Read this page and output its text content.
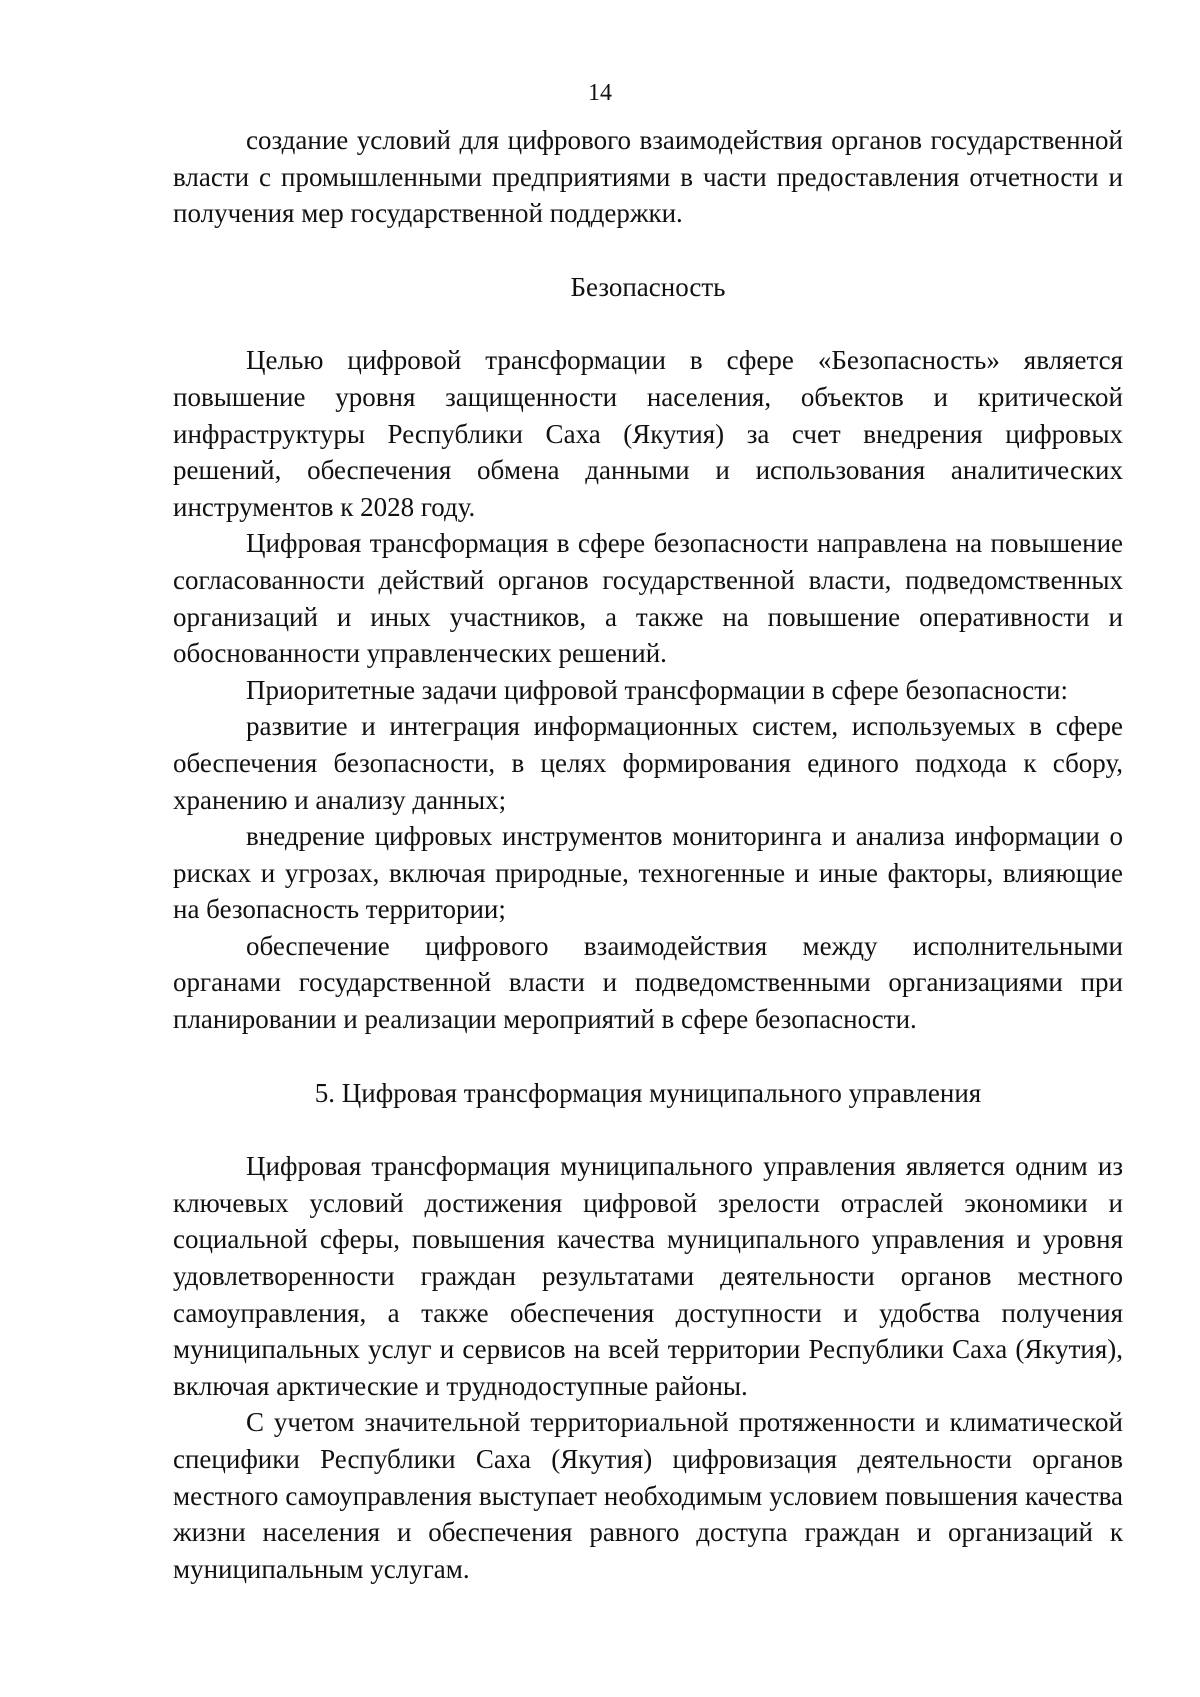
14

создание условий для цифрового взаимодействия органов государственной власти с промышленными предприятиями в части предоставления отчетности и получения мер государственной поддержки.

Безопасность

Целью цифровой трансформации в сфере «Безопасность» является повышение уровня защищенности населения, объектов и критической инфраструктуры Республики Саха (Якутия) за счет внедрения цифровых решений, обеспечения обмена данными и использования аналитических инструментов к 2028 году.

Цифровая трансформация в сфере безопасности направлена на повышение согласованности действий органов государственной власти, подведомственных организаций и иных участников, а также на повышение оперативности и обоснованности управленческих решений.

Приоритетные задачи цифровой трансформации в сфере безопасности:

развитие и интеграция информационных систем, используемых в сфере обеспечения безопасности, в целях формирования единого подхода к сбору, хранению и анализу данных;

внедрение цифровых инструментов мониторинга и анализа информации о рисках и угрозах, включая природные, техногенные и иные факторы, влияющие на безопасность территории;

обеспечение цифрового взаимодействия между исполнительными органами государственной власти и подведомственными организациями при планировании и реализации мероприятий в сфере безопасности.

5. Цифровая трансформация муниципального управления

Цифровая трансформация муниципального управления является одним из ключевых условий достижения цифровой зрелости отраслей экономики и социальной сферы, повышения качества муниципального управления и уровня удовлетворенности граждан результатами деятельности органов местного самоуправления, а также обеспечения доступности и удобства получения муниципальных услуг и сервисов на всей территории Республики Саха (Якутия), включая арктические и труднодоступные районы.

С учетом значительной территориальной протяженности и климатической специфики Республики Саха (Якутия) цифровизация деятельности органов местного самоуправления выступает необходимым условием повышения качества жизни населения и обеспечения равного доступа граждан и организаций к муниципальным услугам.
